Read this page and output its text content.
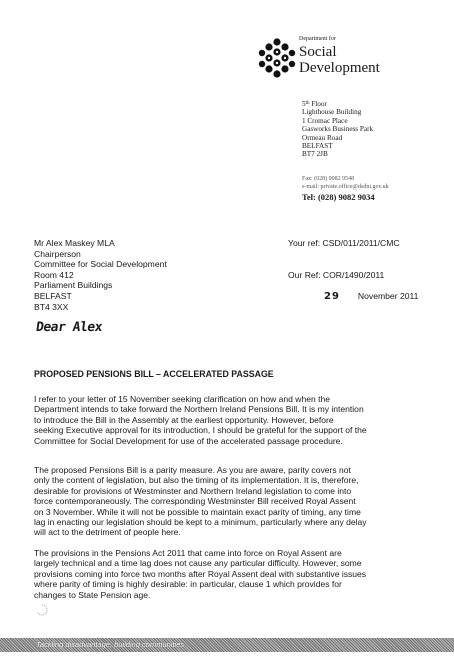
Department for
Social
Development
5th Floor
Lighthouse Building
1 Cromac Place
Gasworks Business Park
Ormeau Road
BELFAST
BT7 2JB
Fax: (028) 9082 9548
e-mail: private.office@dsdni.gov.uk
Tel: (028) 9082 9034
Mr Alex Maskey MLA
Chairperson
Committee for Social Development
Room 412
Parliament Buildings
BELFAST
BT4 3XX
Your ref: CSD/011/2011/CMC
Our Ref: COR/1490/2011
29 November 2011
Dear Alex
PROPOSED PENSIONS BILL – ACCELERATED PASSAGE
I refer to your letter of 15 November seeking clarification on how and when the
Department intends to take forward the Northern Ireland Pensions Bill. It is my intention
to introduce the Bill in the Assembly at the earliest opportunity. However, before
seeking Executive approval for its introduction, I should be grateful for the support of the
Committee for Social Development for use of the accelerated passage procedure.
The proposed Pensions Bill is a parity measure. As you are aware, parity covers not
only the content of legislation, but also the timing of its implementation. It is, therefore,
desirable for provisions of Westminster and Northern Ireland legislation to come into
force contemporaneously. The corresponding Westminster Bill received Royal Assent
on 3 November. While it will not be possible to maintain exact parity of timing, any time
lag in enacting our legislation should be kept to a minimum, particularly where any delay
will act to the detriment of people here.
The provisions in the Pensions Act 2011 that came into force on Royal Assent are
largely technical and a time lag does not cause any particular difficulty. However, some
provisions coming into force two months after Royal Assent deal with substantive issues
where parity of timing is highly desirable: in particular, clause 1 which provides for
changes to State Pension age.
Tackling disadvantage, building communities
